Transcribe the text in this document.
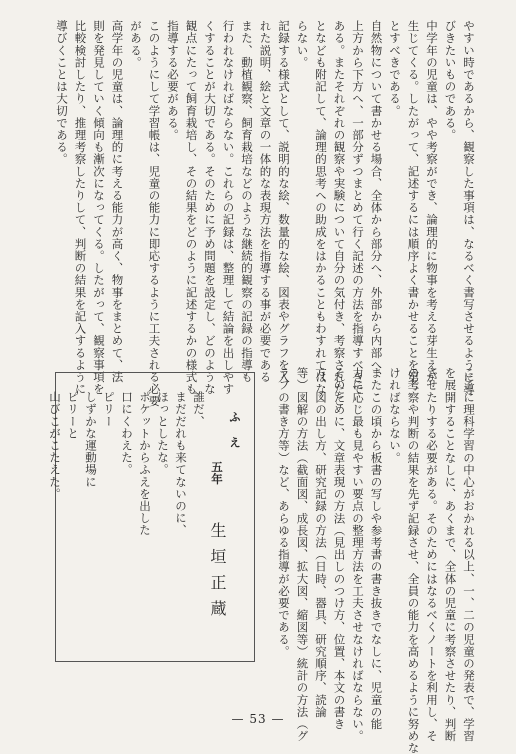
やすい時であるから、観察した事項は、なるべく書写させるように導
びきたいものである。
中学年の児童は、やや考察ができ、論理的に物事を考える芽生えが
生じてくる。したがって、記述するには順序よく書かせることを第一
とすべきである。
自然物について書かせる場合、全体から部分へ、外部から内部へ、
上方から下方へ、一部分ずつまとめて行く記述の方法を指導すべきで
ある。またそれぞれの観察や実験について自分の気付き、考察されたこ
となども附記して、論理的思考への助成をはかることもわすれてはな
らない。
記録する様式として、説明的な絵、数量的な絵、図表やグラフを入
れた説明、絵と文章の一体的な表現方法を指導する事が必要である
また、動植観察、飼育栽培などのような継続的観察の記録の指導も
行われなければならない。これらの記録は、整理して結論を出しやす
くすることが大切である。そのために予め問題を設定し、どのような
観点にたって飼育栽培し、その結果をどのように記述するかの様式も
指導する必要がある。
このようにして学習帳は、児童の能力に即応するように工夫される必要
がある。
高学年の児童は、論理的に考える能力が高く、物事をまとめて、法
則を発見していく傾向も漸次になってくる。したがって、観察事項を
比較検討したり、推理考察したりして、判断の結果を記入するように
導びくことは大切である。
ここに理科学習の中心がおかれる以上、一、二の児童の発表で、学習
を展開することなしに、あくまで、全体の児童に考察させたり、判断
させたりする必要がある。そのためにはなるべくノートを利用し、そ
の考察や判断の結果を先ず記録させ、全員の能力を高めるように努めな
ければならない。
またこの頃から板書の写しや参考書の書き抜きでなしに、児童の能
力に応じ最も見やすい要点の整理方法を工夫させなければならない。
そのために、文章表現の方法（見出しのつけ方、位置、本文の書き
方、図の出し方、研究記録の方法（日時、器具、研究順序、読論
等）図解の方法（截面図、成長図、拡大図、縮図等）統計の方法（グ
ラフの書き方等）など、あらゆる指導が必要である。
ふえ
五年  生垣正蔵
誰だ、
まだだれも来てないのに、
ほっとしたな。
ポケットからふえを出した
口にくわえた。
ピリー
しずかな運動場に
ピリーと
山びこがこたえた。
— 53 —
